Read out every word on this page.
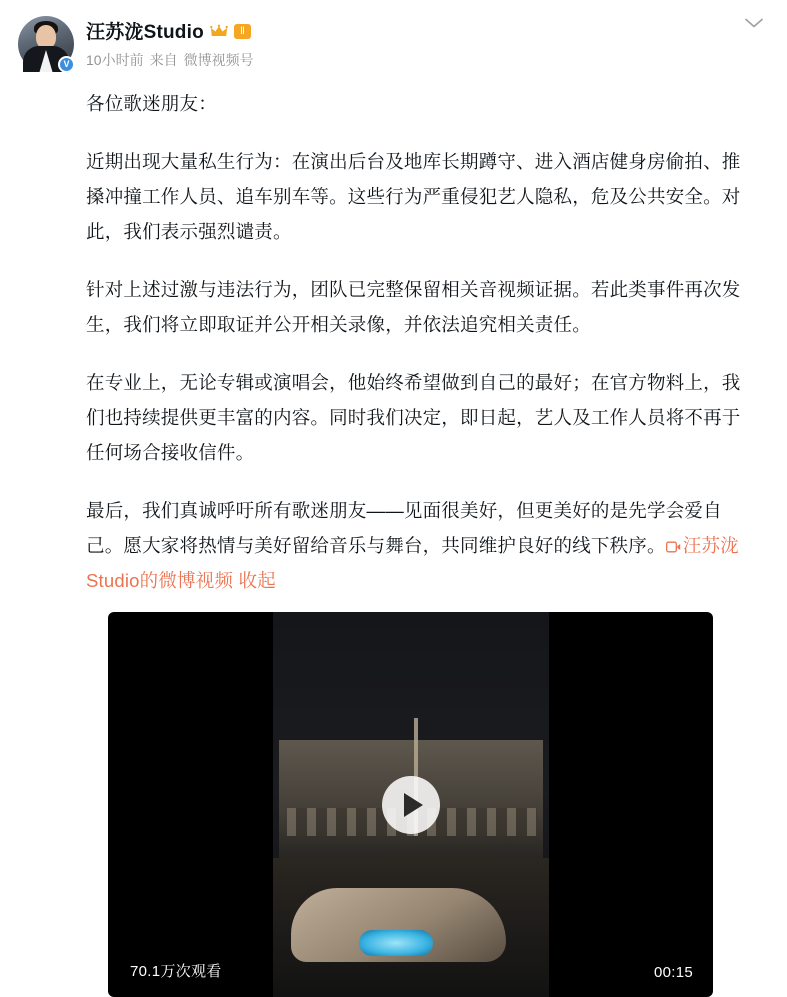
V
汪苏泷Studio	Ⅱ
10小时前 来自 微博视频号

各位歌迷朋友：

近期出现大量私生行为：在演出后台及地库长期蹲守、进入酒店健身房偷拍、推搡冲撞工作人员、追车别车等。这些行为严重侵犯艺人隐私，危及公共安全。对此，我们表示强烈谴责。

针对上述过激与违法行为，团队已完整保留相关音视频证据。若此类事件再次发生，我们将立即取证并公开相关录像，并依法追究相关责任。

在专业上，无论专辑或演唱会，他始终希望做到自己的最好；在官方物料上，我们也持续提供更丰富的内容。同时我们决定，即日起，艺人及工作人员将不再于任何场合接收信件。

最后，我们真诚呼吁所有歌迷朋友——见面很美好，但更美好的是先学会爱自己。愿大家将热情与美好留给音乐与舞台，共同维护良好的线下秩序。 汪苏泷Studio的微博视频 收起

70.1万次观看	00:15
